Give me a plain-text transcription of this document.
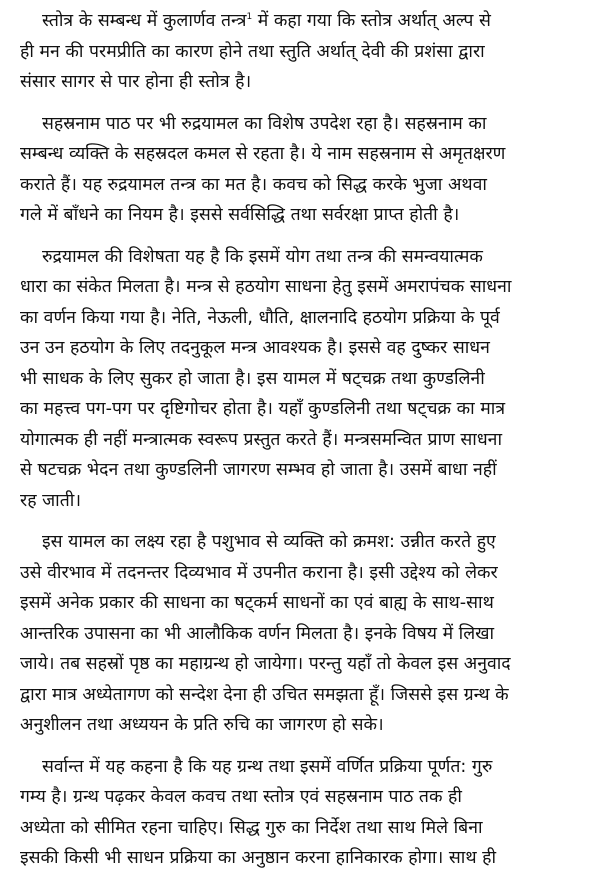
स्तोत्र के सम्बन्ध में कुलार्णव तन्त्र$^1$ में कहा गया कि स्तोत्र अर्थात् अल्प से
ही मन की परमप्रीति का कारण होने तथा स्तुति अर्थात् देवी की प्रशंसा द्वारा
संसार सागर से पार होना ही स्तोत्र है।

सहस्रनाम पाठ पर भी रुद्रयामल का विशेष उपदेश रहा है। सहस्रनाम का
सम्बन्ध व्यक्ति के सहस्रदल कमल से रहता है। ये नाम सहस्रनाम से अमृतक्षरण
कराते हैं। यह रुद्रयामल तन्त्र का मत है। कवच को सिद्ध करके भुजा अथवा
गले में बाँधने का नियम है। इससे सर्वसिद्धि तथा सर्वरक्षा प्राप्त होती है।

रुद्रयामल की विशेषता यह है कि इसमें योग तथा तन्त्र की समन्वयात्मक
धारा का संकेत मिलता है। मन्त्र से हठयोग साधना हेतु इसमें अमरापंचक साधना
का वर्णन किया गया है। नेति, नेऊली, धौति, क्षालनादि हठयोग प्रक्रिया के पूर्व
उन उन हठयोग के लिए तदनुकूल मन्त्र आवश्यक है। इससे वह दुष्कर साधन
भी साधक के लिए सुकर हो जाता है। इस यामल में षट्चक्र तथा कुण्डलिनी
का महत्त्व पग-पग पर दृष्टिगोचर होता है। यहाँ कुण्डलिनी तथा षट्चक्र का मात्र
योगात्मक ही नहीं मन्त्रात्मक स्वरूप प्रस्तुत करते हैं। मन्त्रसमन्वित प्राण साधना
से षटचक्र भेदन तथा कुण्डलिनी जागरण सम्भव हो जाता है। उसमें बाधा नहीं
रह जाती।

इस यामल का लक्ष्य रहा है पशुभाव से व्यक्ति को क्रमश: उन्नीत करते हुए
उसे वीरभाव में तदनन्तर दिव्यभाव में उपनीत कराना है। इसी उद्देश्य को लेकर
इसमें अनेक प्रकार की साधना का षट्कर्म साधनों का एवं बाह्य के साथ-साथ
आन्तरिक उपासना का भी आलौकिक वर्णन मिलता है। इनके विषय में लिखा
जाये। तब सहस्रों पृष्ठ का महाग्रन्थ हो जायेगा। परन्तु यहाँ तो केवल इस अनुवाद
द्वारा मात्र अध्येतागण को सन्देश देना ही उचित समझता हूँ। जिससे इस ग्रन्थ के
अनुशीलन तथा अध्ययन के प्रति रुचि का जागरण हो सके।

सर्वान्त में यह कहना है कि यह ग्रन्थ तथा इसमें वर्णित प्रक्रिया पूर्णत: गुरु
गम्य है। ग्रन्थ पढ़कर केवल कवच तथा स्तोत्र एवं सहस्रनाम पाठ तक ही
अध्येता को सीमित रहना चाहिए। सिद्ध गुरु का निर्देश तथा साथ मिले बिना
इसकी किसी भी साधन प्रक्रिया का अनुष्ठान करना हानिकारक होगा। साथ ही
